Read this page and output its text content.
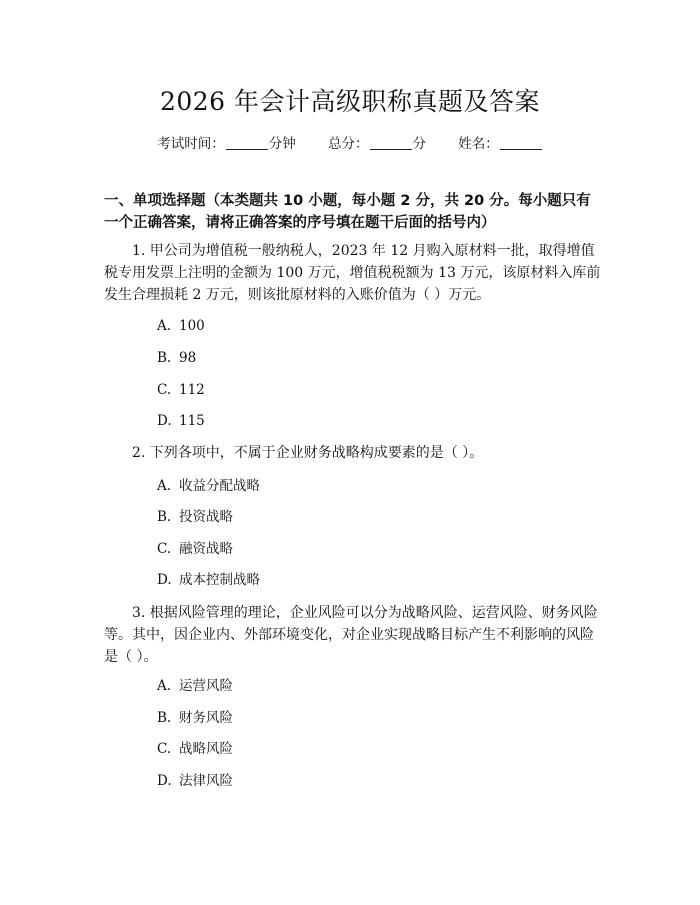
2026 年会计高级职称真题及答案
考试时间：	分钟 总分：	分 姓名：
一、单项选择题（本类题共 10 小题，每小题 2 分，共 20 分。每小题只有一个正确答案，请将正确答案的序号填在题干后面的括号内）
1. 甲公司为增值税一般纳税人，2023 年 12 月购入原材料一批，取得增值税专用发票上注明的金额为 100 万元，增值税税额为 13 万元，该原材料入库前发生合理损耗 2 万元，则该批原材料的入账价值为（ ）万元。
A. 100
B. 98
C. 112
D. 115
2. 下列各项中，不属于企业财务战略构成要素的是（ ）。
A. 收益分配战略
B. 投资战略
C. 融资战略
D. 成本控制战略
3. 根据风险管理的理论，企业风险可以分为战略风险、运营风险、财务风险等。其中，因企业内、外部环境变化，对企业实现战略目标产生不利影响的风险是（ ）。
A. 运营风险
B. 财务风险
C. 战略风险
D. 法律风险
